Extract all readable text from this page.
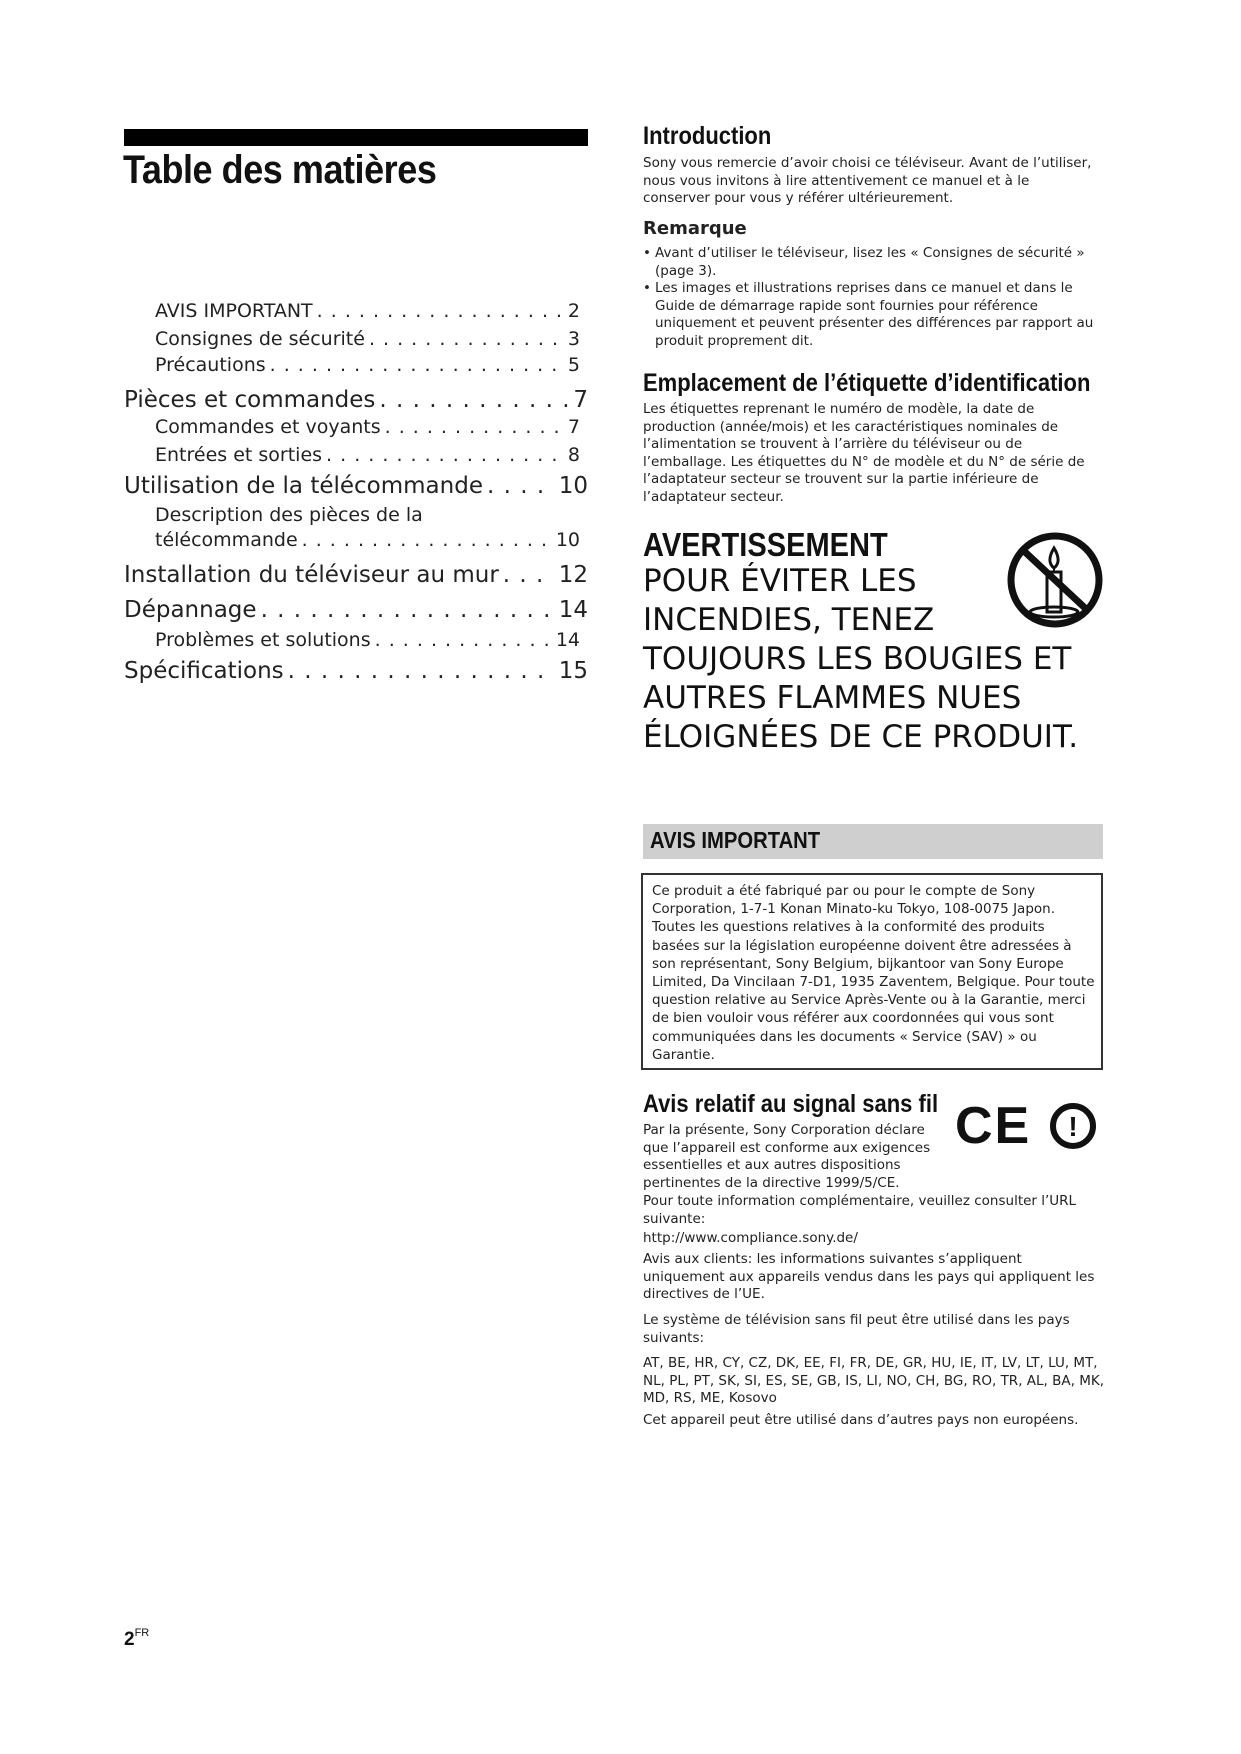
Table des matières
AVIS IMPORTANT . . .	2
Consignes de sécurité . . .	3
Précautions . . .	5
Pièces et commandes . . .	7
Commandes et voyants . . .	7
Entrées et sorties . . .	8
Utilisation de la télécommande . . .	10
Description des pièces de la
télécommande . . .	10
Installation du téléviseur au mur . . .	12
Dépannage . . .	14
Problèmes et solutions . . .	14
Spécifications . . .	15
Introduction

Sony vous remercie d’avoir choisi ce téléviseur. Avant de l’utiliser, nous vous invitons à lire attentivement ce manuel et à le conserver pour vous y référer ultérieurement.

Remarque
• Avant d’utiliser le téléviseur, lisez les « Consignes de sécurité » (page 3).
• Les images et illustrations reprises dans ce manuel et dans le Guide de démarrage rapide sont fournies pour référence uniquement et peuvent présenter des différences par rapport au produit proprement dit.
Emplacement de l’étiquette d’identification

Les étiquettes reprenant le numéro de modèle, la date de production (année/mois) et les caractéristiques nominales de l’alimentation se trouvent à l’arrière du téléviseur ou de l’emballage. Les étiquettes du N° de modèle et du N° de série de l’adaptateur secteur se trouvent sur la partie inférieure de l’adaptateur secteur.

AVERTISSEMENT
POUR ÉVITER LES
INCENDIES, TENEZ
TOUJOURS LES BOUGIES ET
AUTRES FLAMMES NUES
ÉLOIGNÉES DE CE PRODUIT.
AVIS IMPORTANT

Ce produit a été fabriqué par ou pour le compte de Sony Corporation, 1-7-1 Konan Minato-ku Tokyo, 108-0075 Japon. Toutes les questions relatives à la conformité des produits basées sur la législation européenne doivent être adressées à son représentant, Sony Belgium, bijkantoor van Sony Europe Limited, Da Vincilaan 7-D1, 1935 Zaventem, Belgique. Pour toute question relative au Service Après-Vente ou à la Garantie, merci de bien vouloir vous référer aux coordonnées qui vous sont communiquées dans les documents « Service (SAV) » ou Garantie.

Avis relatif au signal sans fil CE !

Par la présente, Sony Corporation déclare que l’appareil est conforme aux exigences essentielles et aux autres dispositions pertinentes de la directive 1999/5/CE.

Pour toute information complémentaire, veuillez consulter l’URL suivante:

http://www.compliance.sony.de/

Avis aux clients: les informations suivantes s’appliquent uniquement aux appareils vendus dans les pays qui appliquent les directives de l’UE.

Le système de télévision sans fil peut être utilisé dans les pays suivants:

AT, BE, HR, CY, CZ, DK, EE, FI, FR, DE, GR, HU, IE, IT, LV, LT, LU, MT, NL, PL, PT, SK, SI, ES, SE, GB, IS, LI, NO, CH, BG, RO, TR, AL, BA, MK, MD, RS, ME, Kosovo

Cet appareil peut être utilisé dans d’autres pays non européens.

$2^{FR}$
